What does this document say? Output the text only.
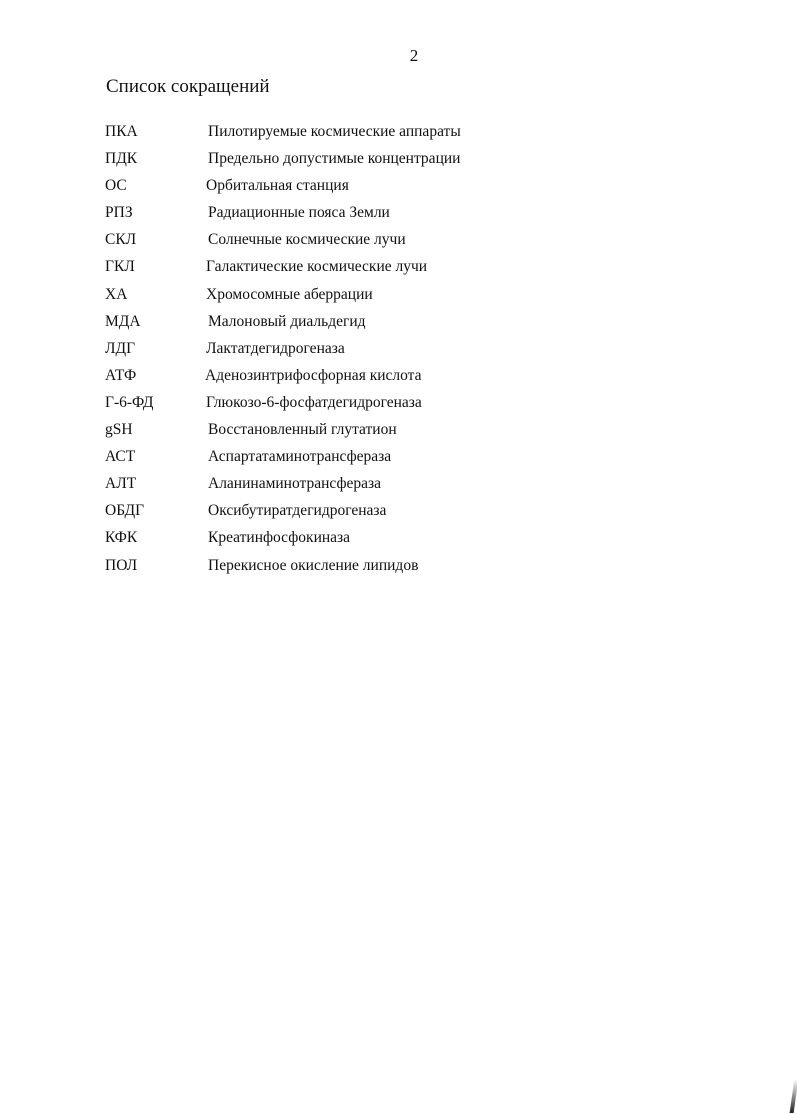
2
Список сокращений
ПКА	Пилотируемые космические аппараты
ПДК	Предельно допустимые концентрации
ОС	Орбитальная станция
РПЗ	Радиационные пояса Земли
СКЛ	Солнечные космические лучи
ГКЛ	Галактические космические лучи
ХА	Хромосомные аберрации
МДА	Малоновый диальдегид
ЛДГ	Лактатдегидрогеназа
АТФ	Аденозинтрифосфорная кислота
Г-6-ФД	Глюкозо-6-фосфатдегидрогеназа
gSH	Восстановленный глутатион
АСТ	Аспартатаминотрансфераза
АЛТ	Аланинаминотрансфераза
ОБДГ	Оксибутиратдегидрогеназа
КФК	Креатинфосфокиназа
ПОЛ	Перекисное окисление липидов
